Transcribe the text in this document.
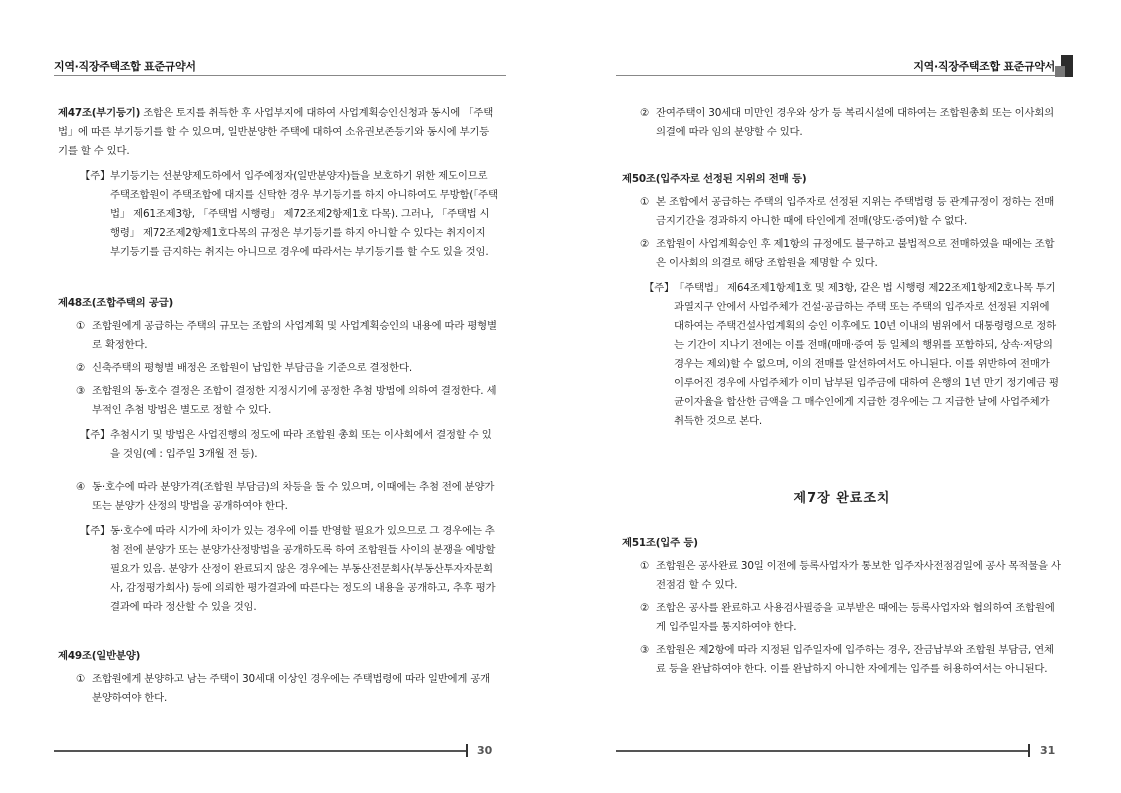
지역·직장주택조합 표준규약서

제47조(부기등기) 조합은 토지를 취득한 후 사업부지에 대하여 사업계획승인신청과 동시에 「주택법」에 따른 부기등기를 할 수 있으며, 일반분양한 주택에 대하여 소유권보존등기와 동시에 부기등기를 할 수 있다.

【주】 부기등기는 선분양제도하에서 입주예정자(일반분양자)들을 보호하기 위한 제도이므로 주택조합원이 주택조합에 대지를 신탁한 경우 부기등기를 하지 아니하여도 무방함(「주택법」 제61조제3항, 「주택법 시행령」 제72조제2항제1호 다목). 그러나, 「주택법 시행령」 제72조제2항제1호다목의 규정은 부기등기를 하지 아니할 수 있다는 취지이지 부기등기를 금지하는 취지는 아니므로 경우에 따라서는 부기등기를 할 수도 있을 것임.
제48조(조합주택의 공급)
① 조합원에게 공급하는 주택의 규모는 조합의 사업계획 및 사업계획승인의 내용에 따라 평형별로 확정한다.
② 신축주택의 평형별 배정은 조합원이 납입한 부담금을 기준으로 결정한다.
③ 조합원의 동·호수 결정은 조합이 결정한 지정시기에 공정한 추첨 방법에 의하여 결정한다. 세부적인 추첨 방법은 별도로 정할 수 있다.
【주】 추첨시기 및 방법은 사업진행의 정도에 따라 조합원 총회 또는 이사회에서 결정할 수 있을 것임(예 : 입주일 3개월 전 등).
④ 동·호수에 따라 분양가격(조합원 부담금)의 차등을 둘 수 있으며, 이때에는 추첨 전에 분양가 또는 분양가 산정의 방법을 공개하여야 한다.
【주】 동·호수에 따라 시가에 차이가 있는 경우에 이를 반영할 필요가 있으므로 그 경우에는 추첨 전에 분양가 또는 분양가산정방법을 공개하도록 하여 조합원들 사이의 분쟁을 예방할 필요가 있음. 분양가 산정이 완료되지 않은 경우에는 부동산전문회사(부동산투자자문회사, 감정평가회사) 등에 의뢰한 평가결과에 따른다는 정도의 내용을 공개하고, 추후 평가결과에 따라 정산할 수 있을 것임.
제49조(일반분양)
① 조합원에게 분양하고 남는 주택이 30세대 이상인 경우에는 주택법령에 따라 일반에게 공개분양하여야 한다.
30
지역·직장주택조합 표준규약서
② 잔여주택이 30세대 미만인 경우와 상가 등 복리시설에 대하여는 조합원총회 또는 이사회의 의결에 따라 임의 분양할 수 있다.
제50조(입주자로 선정된 지위의 전매 등)
① 본 조합에서 공급하는 주택의 입주자로 선정된 지위는 주택법령 등 관계규정이 정하는 전매금지기간을 경과하지 아니한 때에 타인에게 전매(양도·증여)할 수 없다.
② 조합원이 사업계획승인 후 제1항의 규정에도 불구하고 불법적으로 전매하였을 때에는 조합은 이사회의 의결로 해당 조합원을 제명할 수 있다.
【주】 「주택법」 제64조제1항제1호 및 제3항, 같은 법 시행령 제22조제1항제2호나목 투기과열지구 안에서 사업주체가 건설·공급하는 주택 또는 주택의 입주자로 선정된 지위에 대하여는 주택건설사업계획의 승인 이후에도 10년 이내의 범위에서 대통령령으로 정하는 기간이 지나기 전에는 이를 전매(매매·증여 등 일체의 행위를 포함하되, 상속·저당의 경우는 제외)할 수 없으며, 이의 전매를 알선하여서도 아니된다. 이를 위반하여 전매가 이루어진 경우에 사업주체가 이미 납부된 입주금에 대하여 은행의 1년 만기 정기예금 평균이자율을 합산한 금액을 그 매수인에게 지급한 경우에는 그 지급한 날에 사업주체가 취득한 것으로 본다.
제7장 완료조치
제51조(입주 등)
① 조합원은 공사완료 30일 이전에 등록사업자가 통보한 입주자사전점검일에 공사 목적물을 사전점검 할 수 있다.
② 조합은 공사를 완료하고 사용검사필증을 교부받은 때에는 등록사업자와 협의하여 조합원에게 입주일자를 통지하여야 한다.
③ 조합원은 제2항에 따라 지정된 입주일자에 입주하는 경우, 잔금납부와 조합원 부담금, 연체료 등을 완납하여야 한다. 이를 완납하지 아니한 자에게는 입주를 허용하여서는 아니된다.
31
